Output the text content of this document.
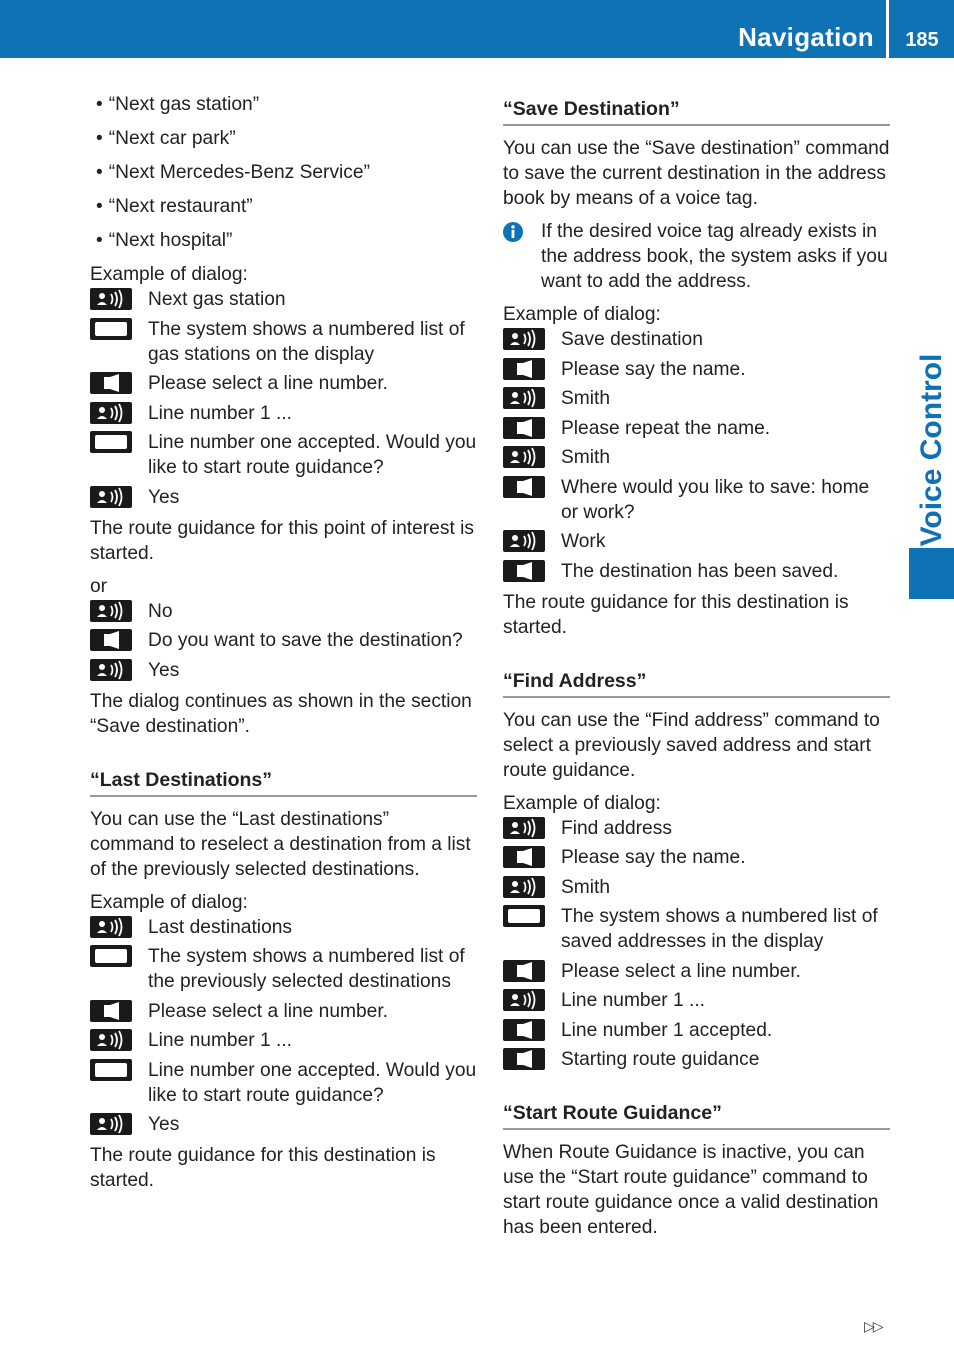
Navigation	185
Voice Control
• “Next gas station”
• “Next car park”
• “Next Mercedes-Benz Service”
• “Next restaurant”
• “Next hospital”

Example of dialog:

Next gas station
The system shows a numbered list of gas stations on the display
Please select a line number.
Line number 1 ...
Line number one accepted. Would you like to start route guidance?
Yes

The route guidance for this point of interest is started.

or

No
Do you want to save the destination?
Yes

The dialog continues as shown in the section “Save destination”.

“Last Destinations”

You can use the “Last destinations” command to reselect a destination from a list of the previously selected destinations.

Example of dialog:

Last destinations
The system shows a numbered list of the previously selected destinations
Please select a line number.
Line number 1 ...
Line number one accepted. Would you like to start route guidance?
Yes

The route guidance for this destination is started.

“Save Destination”

You can use the “Save destination” command to save the current destination in the address book by means of a voice tag.

If the desired voice tag already exists in the address book, the system asks if you want to add the address.

Example of dialog:

Save destination
Please say the name.
Smith
Please repeat the name.
Smith
Where would you like to save: home or work?
Work
The destination has been saved.

The route guidance for this destination is started.

“Find Address”

You can use the “Find address” command to select a previously saved address and start route guidance.

Example of dialog:

Find address
Please say the name.
Smith
The system shows a numbered list of saved addresses in the display
Please select a line number.
Line number 1 ...
Line number 1 accepted.
Starting route guidance
“Start Route Guidance”

When Route Guidance is inactive, you can use the “Start route guidance” command to start route guidance once a valid destination has been entered.

▷▷
